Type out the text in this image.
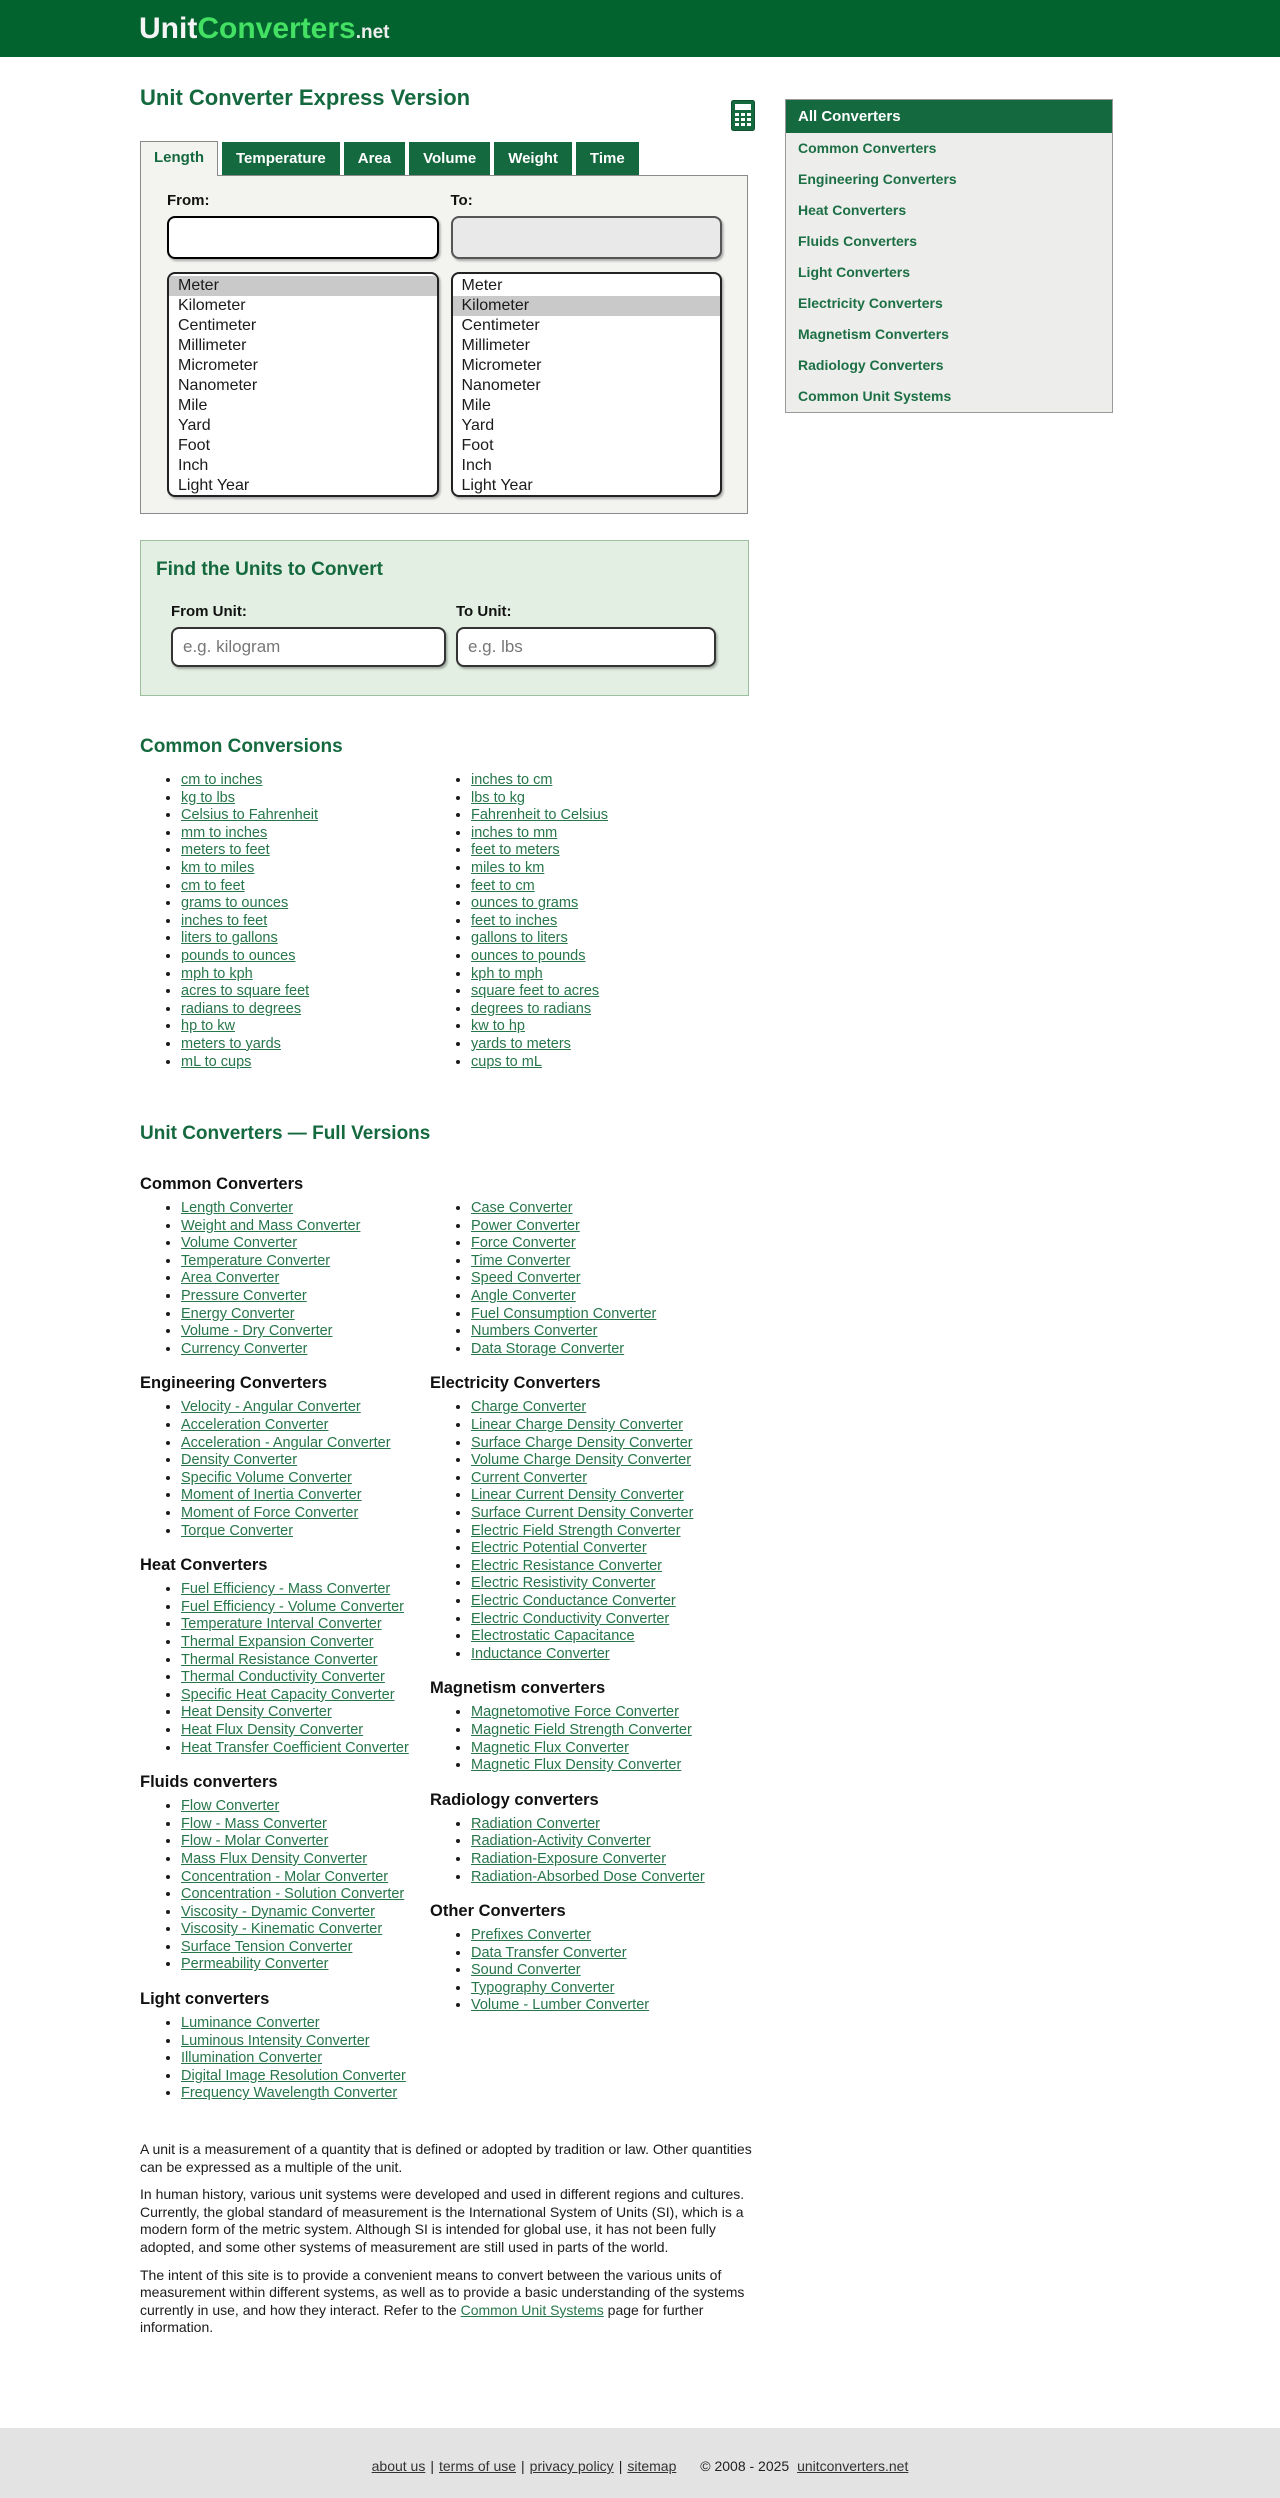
UnitConverters.net
All Converters
Common Converters
Engineering Converters
Heat Converters
Fluids Converters
Light Converters
Electricity Converters
Magnetism Converters
Radiology Converters
Common Unit Systems
Unit Converter Express Version
Length	Temperature	Area	Volume	Weight	Time
From:	To:
Meter
Kilometer
Centimeter
Millimeter
Micrometer
Nanometer
Mile
Yard
Foot
Inch
Light Year
Meter
Kilometer
Centimeter
Millimeter
Micrometer
Nanometer
Mile
Yard
Foot
Inch
Light Year
Find the Units to Convert
From Unit:
e.g. kilogram	To Unit:
e.g. lbs
Common Conversions
• cm to inches
• kg to lbs
• Celsius to Fahrenheit
• mm to inches
• meters to feet
• km to miles
• cm to feet
• grams to ounces
• inches to feet
• liters to gallons
• pounds to ounces
• mph to kph
• acres to square feet
• radians to degrees
• hp to kw
• meters to yards
• mL to cups
• inches to cm
• lbs to kg
• Fahrenheit to Celsius
• inches to mm
• feet to meters
• miles to km
• feet to cm
• ounces to grams
• feet to inches
• gallons to liters
• ounces to pounds
• kph to mph
• square feet to acres
• degrees to radians
• kw to hp
• yards to meters
• cups to mL
Unit Converters — Full Versions
Common Converters
• Length Converter
• Weight and Mass Converter
• Volume Converter
• Temperature Converter
• Area Converter
• Pressure Converter
• Energy Converter
• Volume - Dry Converter
• Currency Converter
Engineering Converters
• Velocity - Angular Converter
• Acceleration Converter
• Acceleration - Angular Converter
• Density Converter
• Specific Volume Converter
• Moment of Inertia Converter
• Moment of Force Converter
• Torque Converter
Heat Converters
• Fuel Efficiency - Mass Converter
• Fuel Efficiency - Volume Converter
• Temperature Interval Converter
• Thermal Expansion Converter
• Thermal Resistance Converter
• Thermal Conductivity Converter
• Specific Heat Capacity Converter
• Heat Density Converter
• Heat Flux Density Converter
• Heat Transfer Coefficient Converter
Fluids converters
• Flow Converter
• Flow - Mass Converter
• Flow - Molar Converter
• Mass Flux Density Converter
• Concentration - Molar Converter
• Concentration - Solution Converter
• Viscosity - Dynamic Converter
• Viscosity - Kinematic Converter
• Surface Tension Converter
• Permeability Converter
Light converters
• Luminance Converter
• Luminous Intensity Converter
• Illumination Converter
• Digital Image Resolution Converter
• Frequency Wavelength Converter
• Case Converter
• Power Converter
• Force Converter
• Time Converter
• Speed Converter
• Angle Converter
• Fuel Consumption Converter
• Numbers Converter
• Data Storage Converter
Electricity Converters
• Charge Converter
• Linear Charge Density Converter
• Surface Charge Density Converter
• Volume Charge Density Converter
• Current Converter
• Linear Current Density Converter
• Surface Current Density Converter
• Electric Field Strength Converter
• Electric Potential Converter
• Electric Resistance Converter
• Electric Resistivity Converter
• Electric Conductance Converter
• Electric Conductivity Converter
• Electrostatic Capacitance
• Inductance Converter
Magnetism converters
• Magnetomotive Force Converter
• Magnetic Field Strength Converter
• Magnetic Flux Converter
• Magnetic Flux Density Converter
Radiology converters
• Radiation Converter
• Radiation-Activity Converter
• Radiation-Exposure Converter
• Radiation-Absorbed Dose Converter
Other Converters
• Prefixes Converter
• Data Transfer Converter
• Sound Converter
• Typography Converter
• Volume - Lumber Converter

A unit is a measurement of a quantity that is defined or adopted by tradition or law. Other quantities can be expressed as a multiple of the unit.

In human history, various unit systems were developed and used in different regions and cultures. Currently, the global standard of measurement is the International System of Units (SI), which is a modern form of the metric system. Although SI is intended for global use, it has not been fully adopted, and some other systems of measurement are still used in parts of the world.

The intent of this site is to provide a convenient means to convert between the various units of measurement within different systems, as well as to provide a basic understanding of the systems currently in use, and how they interact. Refer to the Common Unit Systems page for further information.

about us | terms of use | privacy policy | sitemap © 2008 - 2025 unitconverters.net
